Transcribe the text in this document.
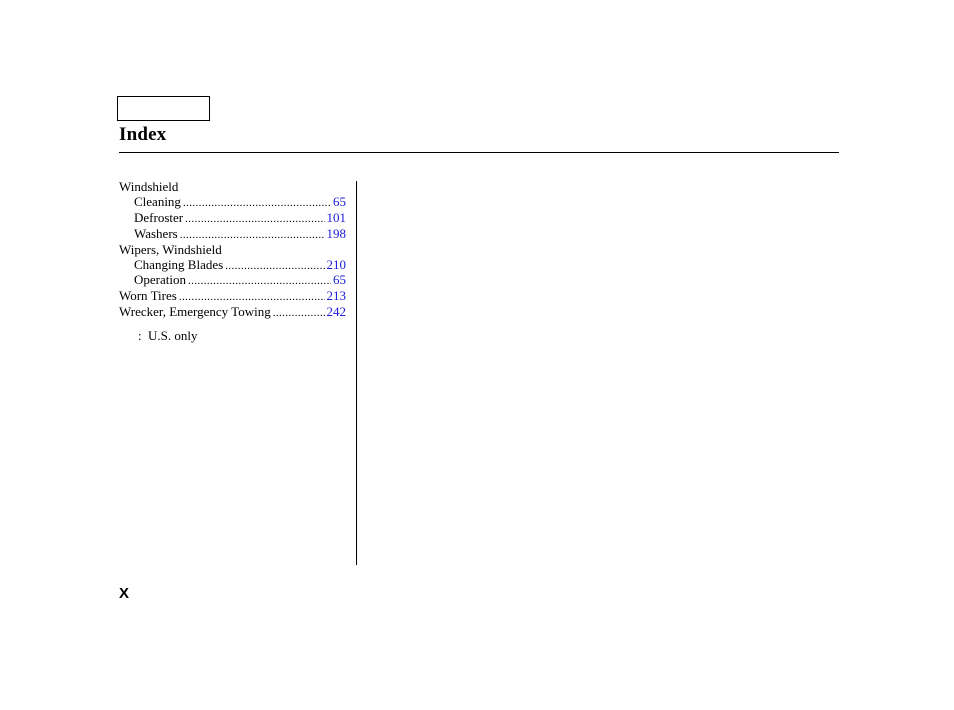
Index
Windshield
Cleaning .....	65
Defroster .....	101
Washers .....	198
Wipers, Windshield
Changing Blades .....	210
Operation .....	65
Worn Tires .....	213
Wrecker, Emergency Towing .....	242
: U.S. only
X
